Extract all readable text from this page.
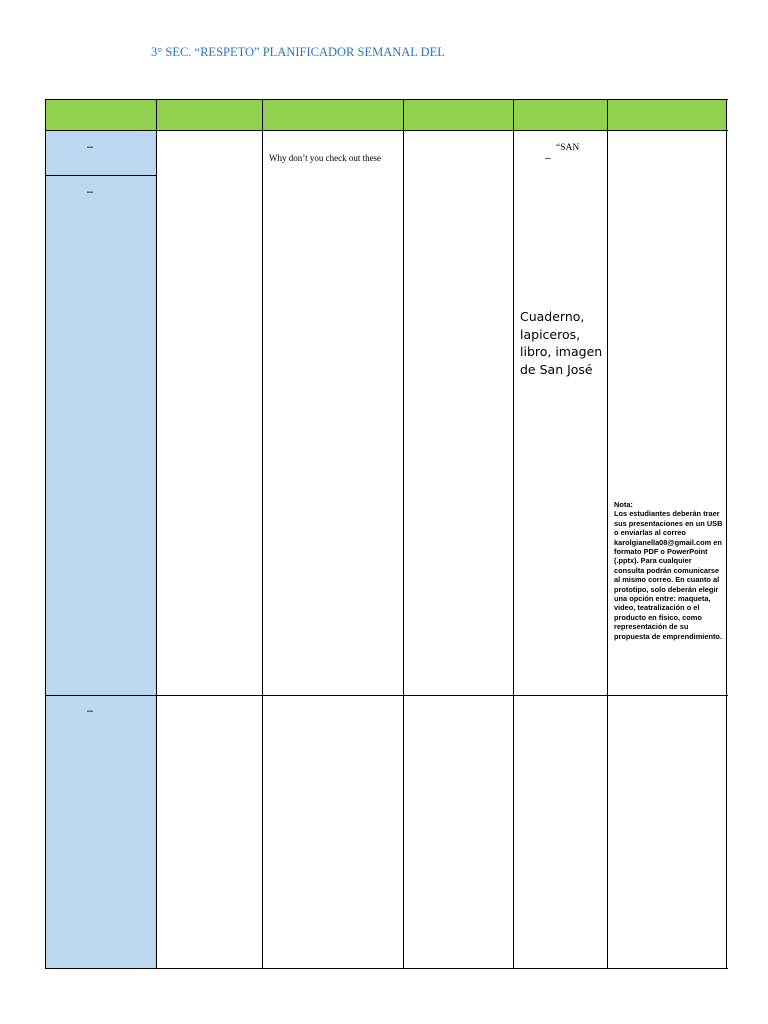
3° SEC. “RESPETO” PLANIFICADOR SEMANAL DEL
–
–
–
Why don’t you check out these
“SAN
–
Cuaderno,
lapiceros,
libro, imagen
de San José
Nota:
Los estudiantes deberán traer sus presentaciones en un USB o enviarlas al correo karolgianella08@gmail.com en formato PDF o PowerPoint (.pptx). Para cualquier consulta podrán comunicarse al mismo correo. En cuanto al prototipo, solo deberán elegir una opción entre: maqueta, video, teatralización o el producto en físico, como representación de su propuesta de emprendimiento.
